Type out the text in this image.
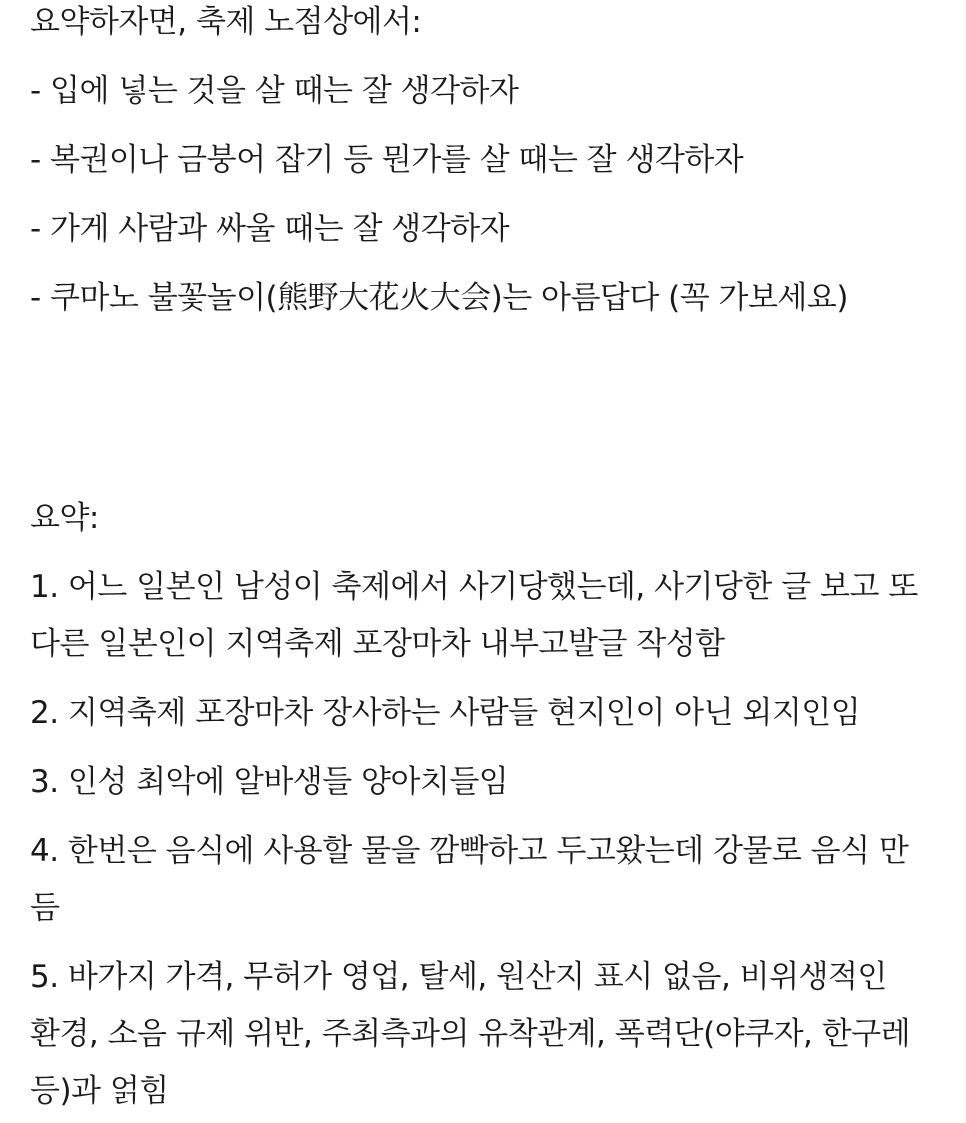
요약하자면, 축제 노점상에서:
- 입에 넣는 것을 살 때는 잘 생각하자
- 복권이나 금붕어 잡기 등 뭔가를 살 때는 잘 생각하자
- 가게 사람과 싸울 때는 잘 생각하자
- 쿠마노 불꽃놀이(熊野大花火大会)는 아름답다 (꼭 가보세요)
요약:
1. 어느 일본인 남성이 축제에서 사기당했는데, 사기당한 글 보고 또
다른 일본인이 지역축제 포장마차 내부고발글 작성함
2. 지역축제 포장마차 장사하는 사람들 현지인이 아닌 외지인임
3. 인성 최악에 알바생들 양아치들임
4. 한번은 음식에 사용할 물을 깜빡하고 두고왔는데 강물로 음식 만
듬
5. 바가지 가격, 무허가 영업, 탈세, 원산지 표시 없음, 비위생적인
환경, 소음 규제 위반, 주최측과의 유착관계, 폭력단(야쿠자, 한구레
등)과 얽힘
